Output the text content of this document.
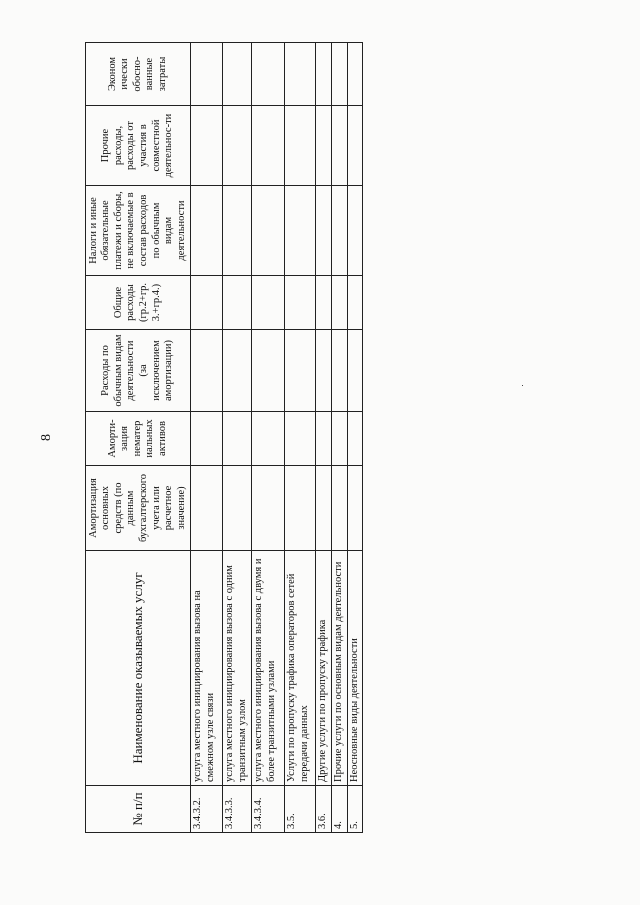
8
№ п/п	Наименование оказываемых услуг	Амортизация основных средств (по данным бухгалтерского учета или расчетное значение)	Аморти-зация нематер иальных активов	Расходы по обычным видам деятельности (за исключением амортизации)	Общие расходы (гр.2+гр. 3.+гр.4.)	Налоги и иные обязательные платежи и сборы, не включаемые в состав расходов по обычным видам деятельности	Прочие расходы, расходы от участия в совместной деятельнос-ти	Эконом ически обосно-ванные затраты
3.4.3.2.	услуга местного инициирования вызова на смежном узле связи							
3.4.3.3.	услуга местного инициирования вызова с одним транзитным узлом							
3.4.3.4.	услуга местного инициирования вызова с двумя и более транзитными узлами							
3.5.	Услуги по пропуску трафика операторов сетей передачи данных							
3.6.	Другие услуги по пропуску трафика							
4.	Прочие услуги по основным видам деятельности							
5.	Неосновные виды деятельности							
